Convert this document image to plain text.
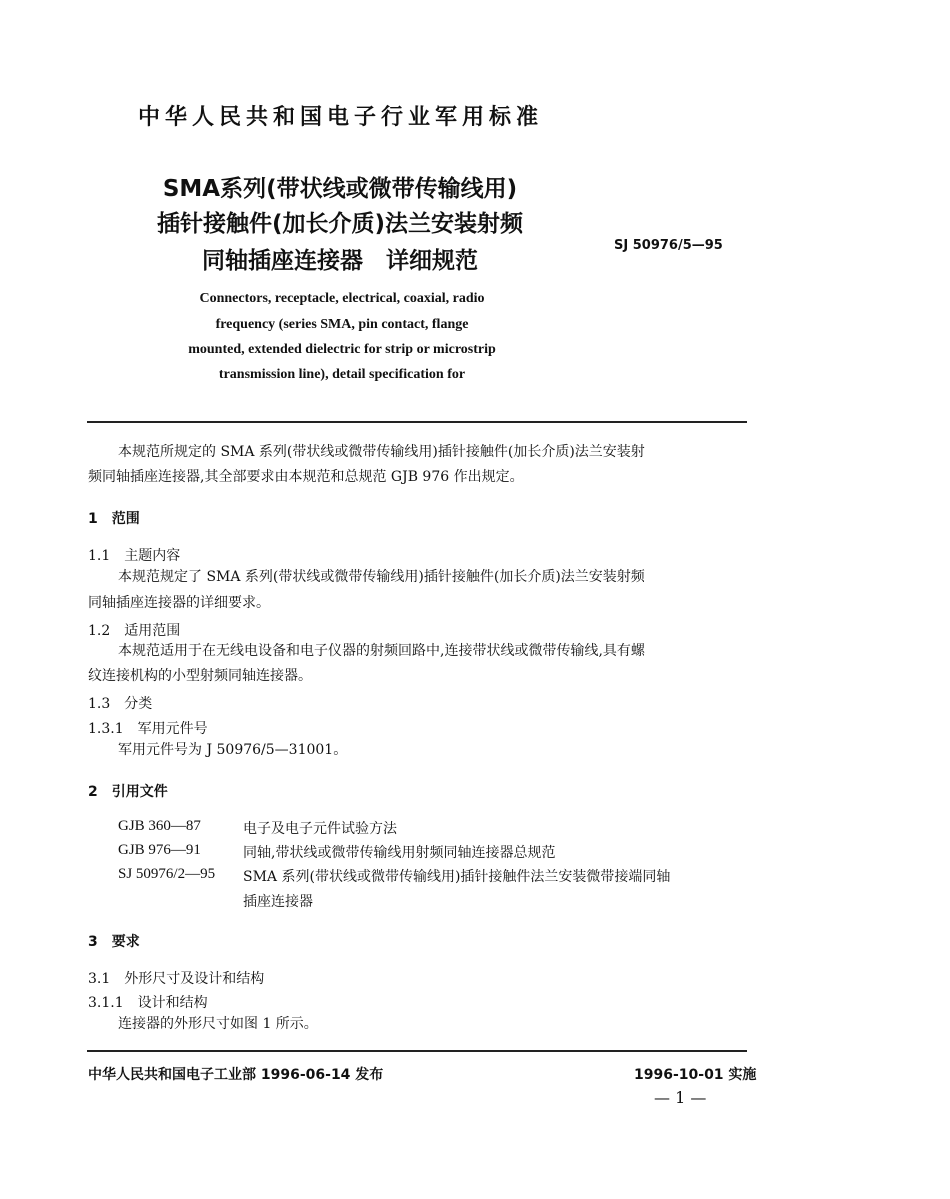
中华人民共和国电子行业军用标准
SMA系列(带状线或微带传输线用)
插针接触件(加长介质)法兰安装射频
同轴插座连接器　详细规范
SJ 50976/5—95
Connectors, receptacle, electrical, coaxial, radio
frequency (series SMA, pin contact, flange
mounted, extended dielectric for strip or microstrip
transmission line), detail specification for
本规范所规定的 SMA 系列(带状线或微带传输线用)插针接触件(加长介质)法兰安装射
频同轴插座连接器,其全部要求由本规范和总规范 GJB 976 作出规定。
1　范围
1.1　主题内容
本规范规定了 SMA 系列(带状线或微带传输线用)插针接触件(加长介质)法兰安装射频
同轴插座连接器的详细要求。
1.2　适用范围
本规范适用于在无线电设备和电子仪器的射频回路中,连接带状线或微带传输线,具有螺
纹连接机构的小型射频同轴连接器。
1.3　分类
1.3.1　军用元件号
军用元件号为 J 50976/5—31001。
2　引用文件
GJB 360—87	电子及电子元件试验方法
GJB 976—91	同轴,带状线或微带传输线用射频同轴连接器总规范
SJ 50976/2—95 SMA 系列(带状线或微带传输线用)插针接触件法兰安装微带接端同轴
插座连接器
3　要求
3.1　外形尺寸及设计和结构
3.1.1　设计和结构
连接器的外形尺寸如图 1 所示。
中华人民共和国电子工业部 1996-06-14 发布	1996-10-01 实施
— 1 —
